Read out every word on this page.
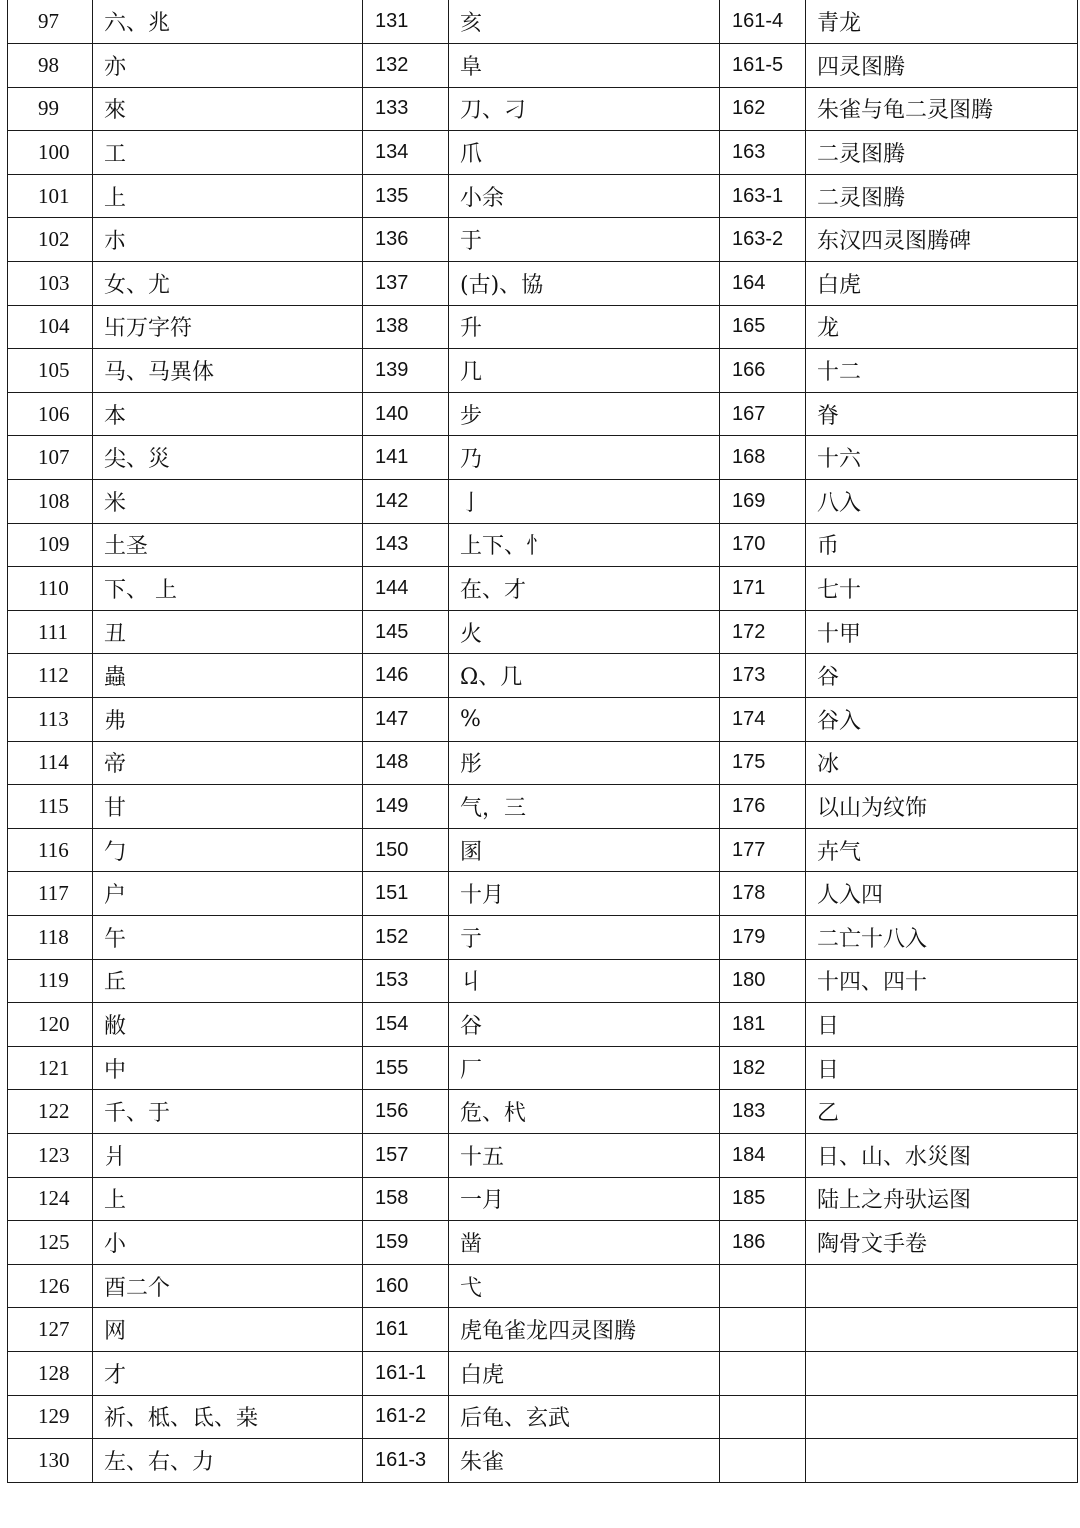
97	六、兆	131	亥	161-4	青龙
98	亦	132	阜	161-5	四灵图腾
99	來	133	刀、刁	162	朱雀与龟二灵图腾
100	工	134	爪	163	二灵图腾
101	上	135	小余	163-1	二灵图腾
102	朩	136	于	163-2	东汉四灵图腾碑
103	女、尤	137	(古)、協	164	白虎
104	卐万字符	138	升	165	龙
105	马、马異体	139	几	166	十二
106	本	140	步	167	脊
107	尖、災	141	乃	168	十六
108	米	142	亅	169	八入
109	土圣	143	上下、忄	170	币
110	下、 上	144	在、才	171	七十
111	丑	145	火	172	十甲
112	蟲	146	Ω、几	173	谷
113	弗	147	%	174	谷入
114	帝	148	彤	175	冰
115	甘	149	气，三	176	以山为纹饰
116	勹	150	圂	177	卉气
117	户	151	十月	178	人入四
118	午	152	亍	179	二亡十八入
119	丘	153	丩	180	十四、四十
120	敝	154	谷	181	日
121	中	155	厂	182	日
122	千、于	156	危、杙	183	乙
123	爿	157	十五	184	日、山、水災图
124	上	158	一月	185	陆上之舟驮运图
125	小	159	凿	186	陶骨文手卷
126	酉二个	160	弋		
127	网	161	虎龟雀龙四灵图腾		
128	才	161-1	白虎		
129	祈、柢、氐、桒	161-2	后龟、玄武		
130	左、右、力	161-3	朱雀		
